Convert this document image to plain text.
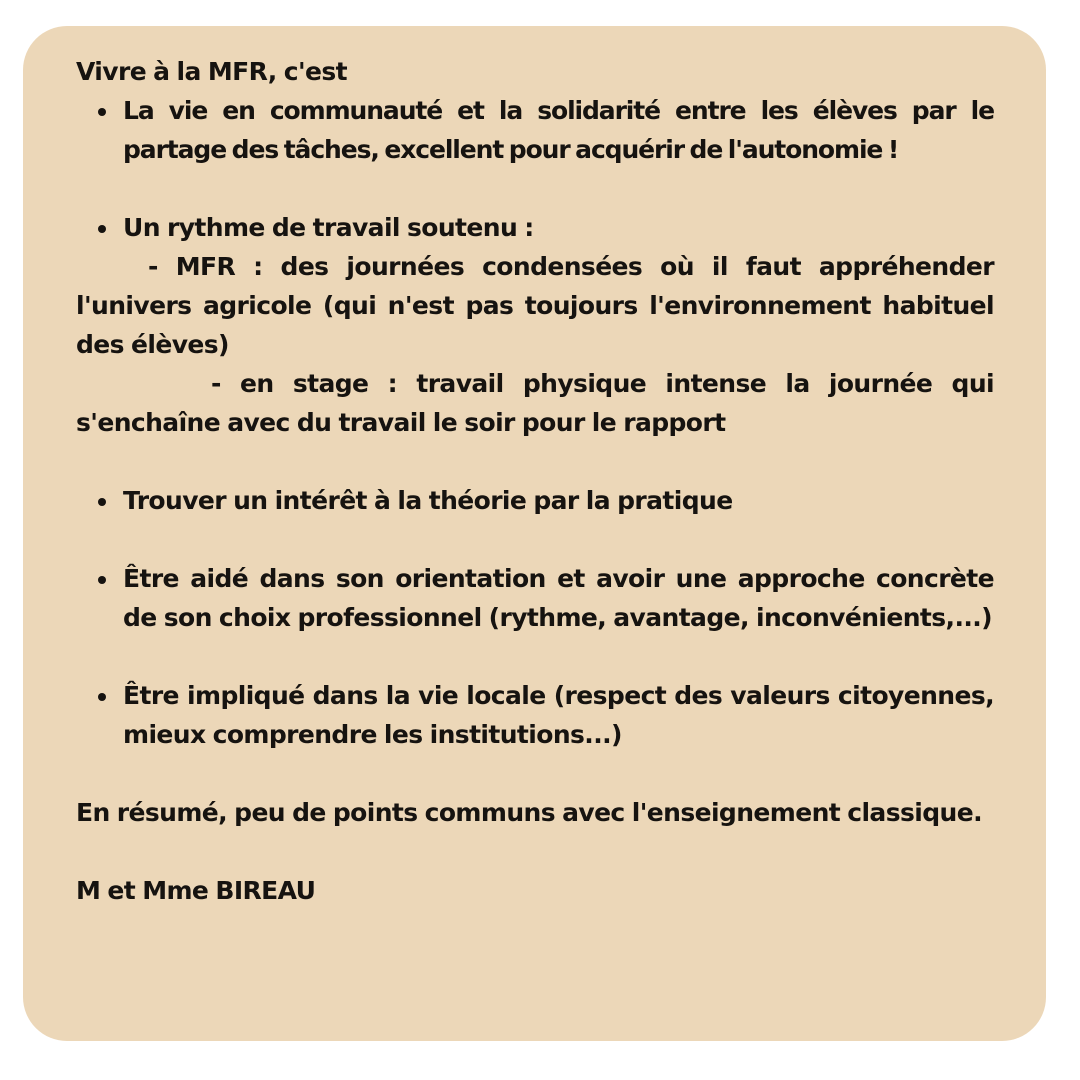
Vivre à la MFR, c'est

La vie en communauté et la solidarité entre les élèves par le partage des tâches, excellent pour acquérir de l'autonomie !
Un rythme de travail soutenu :

- MFR : des journées condensées où il faut appréhender l'univers agricole (qui n'est pas toujours l'environnement habituel des élèves)

- en stage : travail physique intense la journée qui s'enchaîne avec du travail le soir pour le rapport

Trouver un intérêt à la théorie par la pratique
Être aidé dans son orientation et avoir une approche concrète de son choix professionnel (rythme, avantage, inconvénients,...)
Être impliqué dans la vie locale (respect des valeurs citoyennes, mieux comprendre les institutions...)

En résumé, peu de points communs avec l'enseignement classique.

M et Mme BIREAU
